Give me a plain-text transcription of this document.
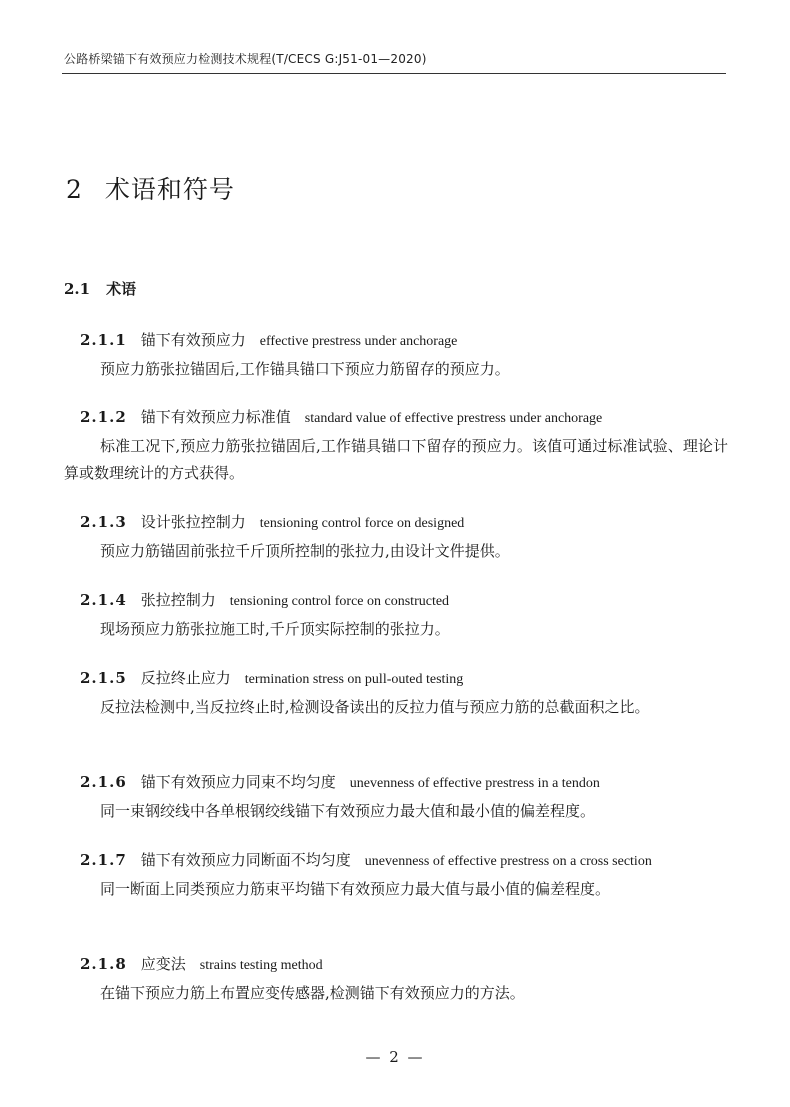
公路桥梁锚下有效预应力检测技术规程(T/CECS G:J51-01—2020)
2 术语和符号
2.1 术语
2.1.1 锚下有效预应力 effective prestress under anchorage
预应力筋张拉锚固后,工作锚具锚口下预应力筋留存的预应力。
2.1.2 锚下有效预应力标准值 standard value of effective prestress under anchorage
标准工况下,预应力筋张拉锚固后,工作锚具锚口下留存的预应力。该值可通过标准试验、理论计算或数理统计的方式获得。
2.1.3 设计张拉控制力 tensioning control force on designed
预应力筋锚固前张拉千斤顶所控制的张拉力,由设计文件提供。
2.1.4 张拉控制力 tensioning control force on constructed
现场预应力筋张拉施工时,千斤顶实际控制的张拉力。
2.1.5 反拉终止应力 termination stress on pull-outed testing
反拉法检测中,当反拉终止时,检测设备读出的反拉力值与预应力筋的总截面积之比。
2.1.6 锚下有效预应力同束不均匀度 unevenness of effective prestress in a tendon
同一束钢绞线中各单根钢绞线锚下有效预应力最大值和最小值的偏差程度。
2.1.7 锚下有效预应力同断面不均匀度 unevenness of effective prestress on a cross section
同一断面上同类预应力筋束平均锚下有效预应力最大值与最小值的偏差程度。
2.1.8 应变法 strains testing method
在锚下预应力筋上布置应变传感器,检测锚下有效预应力的方法。
— 2 —
